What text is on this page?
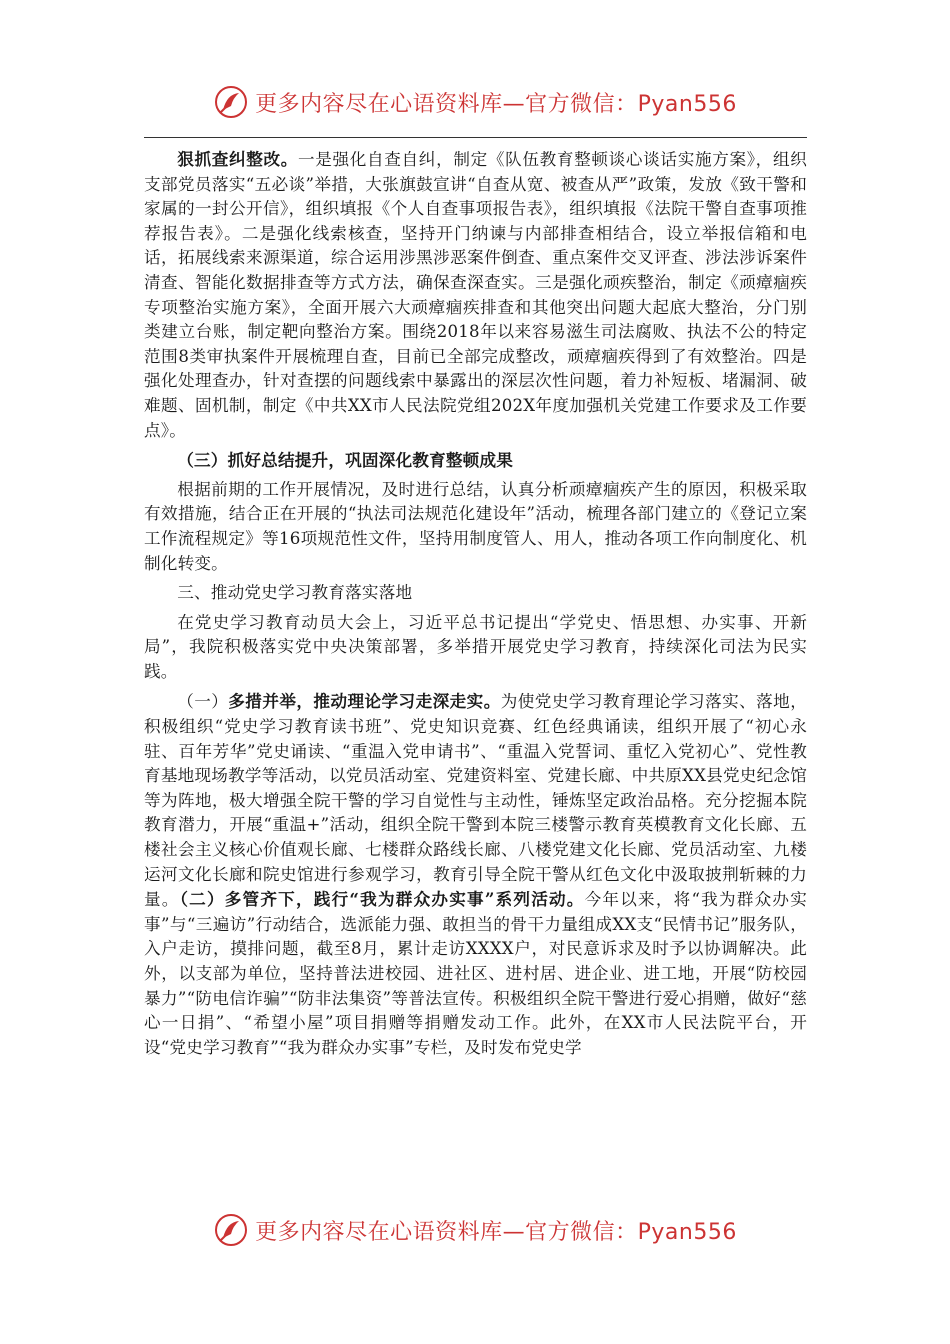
更多内容尽在心语资料库—官方微信：Pyan556

狠抓查纠整改。一是强化自查自纠，制定《队伍教育整顿谈心谈话实施方案》，组织支部党员落实“五必谈”举措，大张旗鼓宣讲“自查从宽、被查从严”政策，发放《致干警和家属的一封公开信》，组织填报《个人自查事项报告表》，组织填报《法院干警自查事项推荐报告表》。二是强化线索核查，坚持开门纳谏与内部排查相结合，设立举报信箱和电话，拓展线索来源渠道，综合运用涉黑涉恶案件倒查、重点案件交叉评查、涉法涉诉案件清查、智能化数据排查等方式方法，确保查深查实。三是强化顽疾整治，制定《顽瘴痼疾专项整治实施方案》，全面开展六大顽瘴痼疾排查和其他突出问题大起底大整治，分门别类建立台账，制定靶向整治方案。围绕2018年以来容易滋生司法腐败、执法不公的特定范围8类审执案件开展梳理自查，目前已全部完成整改，顽瘴痼疾得到了有效整治。四是强化处理查办，针对查摆的问题线索中暴露出的深层次性问题，着力补短板、堵漏洞、破难题、固机制，制定《中共XX市人民法院党组202X年度加强机关党建工作要求及工作要点》。

（三）抓好总结提升，巩固深化教育整顿成果

根据前期的工作开展情况，及时进行总结，认真分析顽瘴痼疾产生的原因，积极采取有效措施，结合正在开展的“执法司法规范化建设年”活动，梳理各部门建立的《登记立案工作流程规定》等16项规范性文件，坚持用制度管人、用人，推动各项工作向制度化、机制化转变。

三、推动党史学习教育落实落地

在党史学习教育动员大会上，习近平总书记提出“学党史、悟思想、办实事、开新局”，我院积极落实党中央决策部署，多举措开展党史学习教育，持续深化司法为民实践。

（一）多措并举，推动理论学习走深走实。为使党史学习教育理论学习落实、落地，积极组织“党史学习教育读书班”、党史知识竞赛、红色经典诵读，组织开展了“初心永驻、百年芳华”党史诵读、“重温入党申请书”、“重温入党誓词、重忆入党初心”、党性教育基地现场教学等活动，以党员活动室、党建资料室、党建长廊、中共原XX县党史纪念馆等为阵地，极大增强全院干警的学习自觉性与主动性，锤炼坚定政治品格。充分挖掘本院教育潜力，开展“重温+”活动，组织全院干警到本院三楼警示教育英模教育文化长廊、五楼社会主义核心价值观长廊、七楼群众路线长廊、八楼党建文化长廊、党员活动室、九楼运河文化长廊和院史馆进行参观学习，教育引导全院干警从红色文化中汲取披荆斩棘的力量。（二）多管齐下，践行“我为群众办实事”系列活动。今年以来，将“我为群众办实事”与“三遍访”行动结合，选派能力强、敢担当的骨干力量组成XX支“民情书记”服务队，入户走访，摸排问题，截至8月，累计走访XXXX户，对民意诉求及时予以协调解决。此外，以支部为单位，坚持普法进校园、进社区、进村居、进企业、进工地，开展“防校园暴力”“防电信诈骗”“防非法集资”等普法宣传。积极组织全院干警进行爱心捐赠，做好“慈心一日捐”、“希望小屋”项目捐赠等捐赠发动工作。此外，在XX市人民法院平台，开设“党史学习教育”“我为群众办实事”专栏，及时发布党史学

更多内容尽在心语资料库—官方微信：Pyan556
